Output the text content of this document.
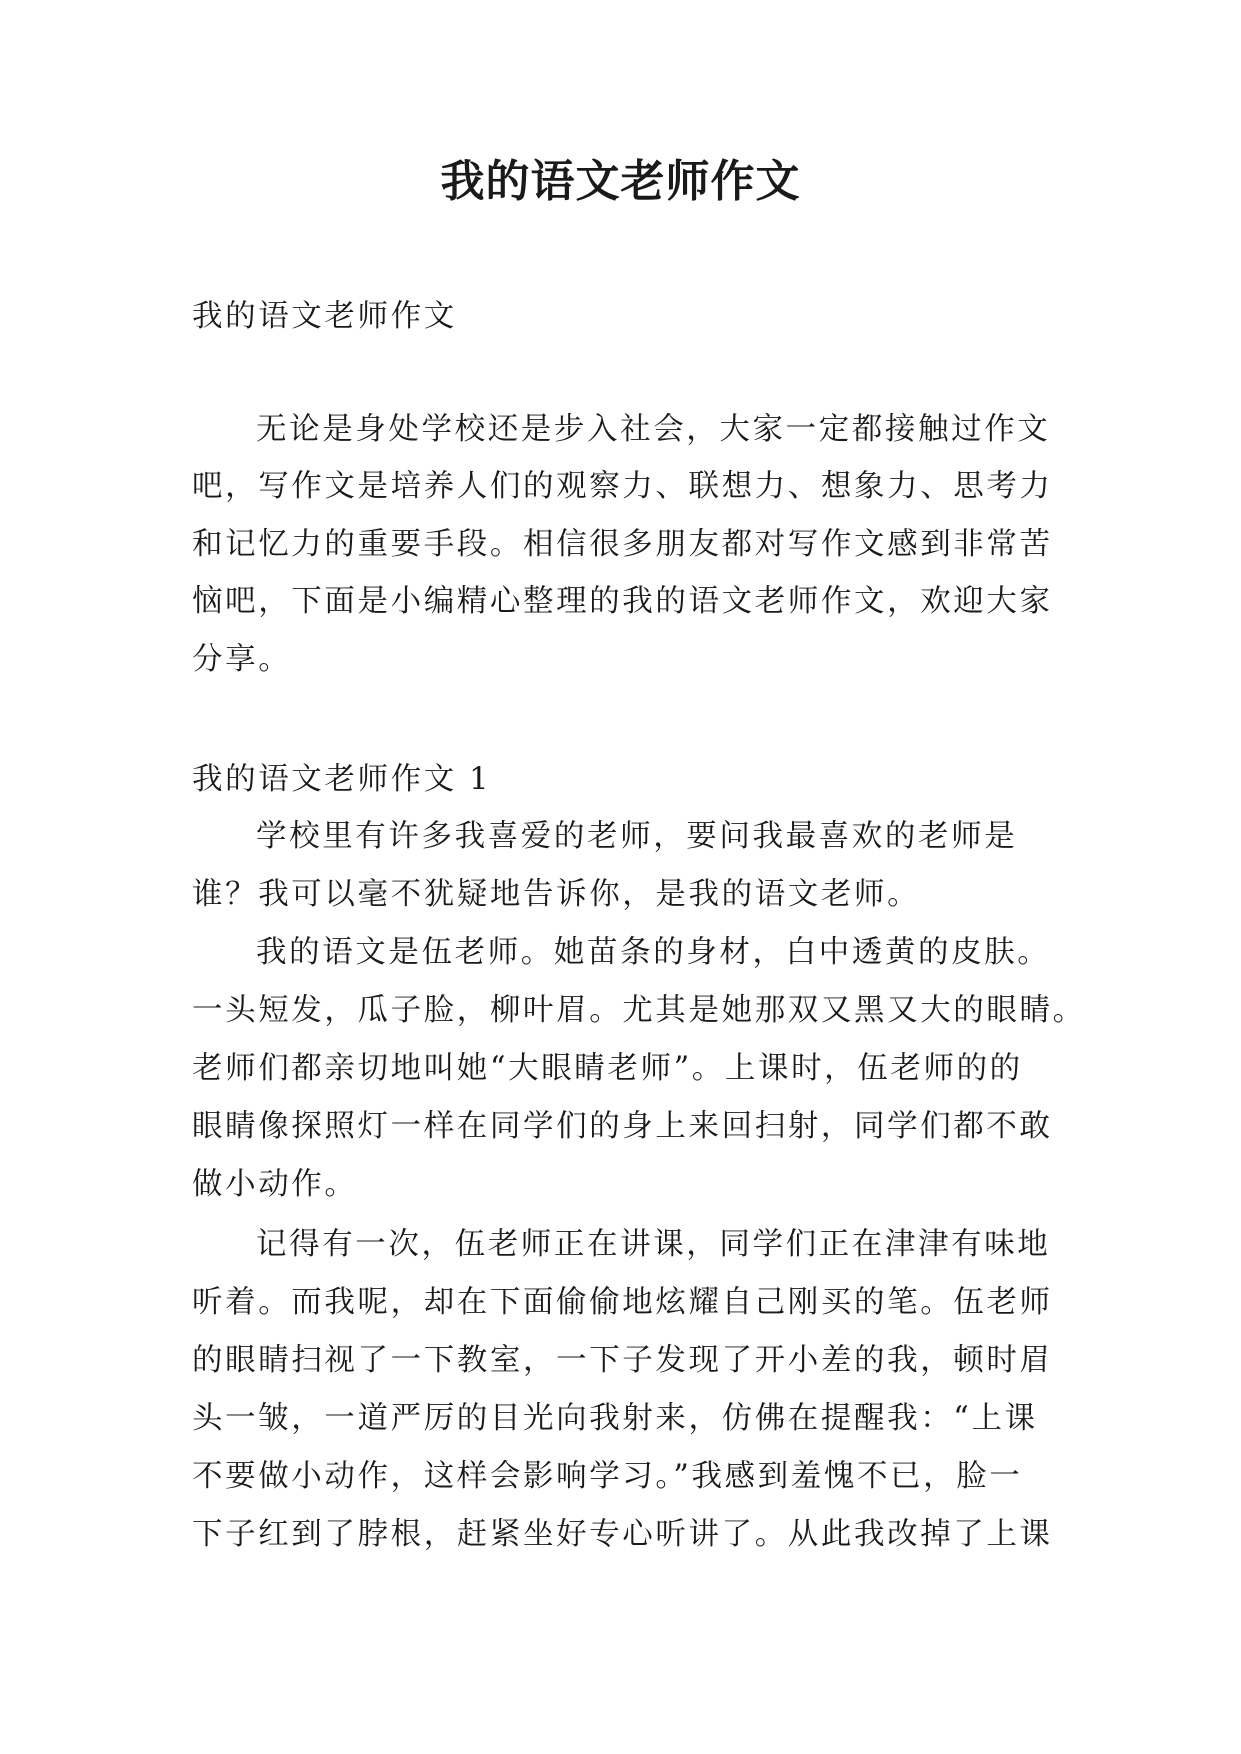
我的语文老师作文

我的语文老师作文

无论是身处学校还是步入社会，大家一定都接触过作文

吧，写作文是培养人们的观察力、联想力、想象力、思考力

和记忆力的重要手段。相信很多朋友都对写作文感到非常苦

恼吧，下面是小编精心整理的我的语文老师作文，欢迎大家

分享。

我的语文老师作文 1

学校里有许多我喜爱的老师，要问我最喜欢的老师是

谁？我可以毫不犹疑地告诉你，是我的语文老师。

我的语文是伍老师。她苗条的身材，白中透黄的皮肤。

一头短发，瓜子脸，柳叶眉。尤其是她那双又黑又大的眼睛。

老师们都亲切地叫她“大眼睛老师”。上课时，伍老师的的

眼睛像探照灯一样在同学们的身上来回扫射，同学们都不敢

做小动作。

记得有一次，伍老师正在讲课，同学们正在津津有味地

听着。而我呢，却在下面偷偷地炫耀自己刚买的笔。伍老师

的眼睛扫视了一下教室，一下子发现了开小差的我，顿时眉

头一皱，一道严厉的目光向我射来，仿佛在提醒我：“上课

不要做小动作，这样会影响学习。”我感到羞愧不已，脸一

下子红到了脖根，赶紧坐好专心听讲了。从此我改掉了上课
